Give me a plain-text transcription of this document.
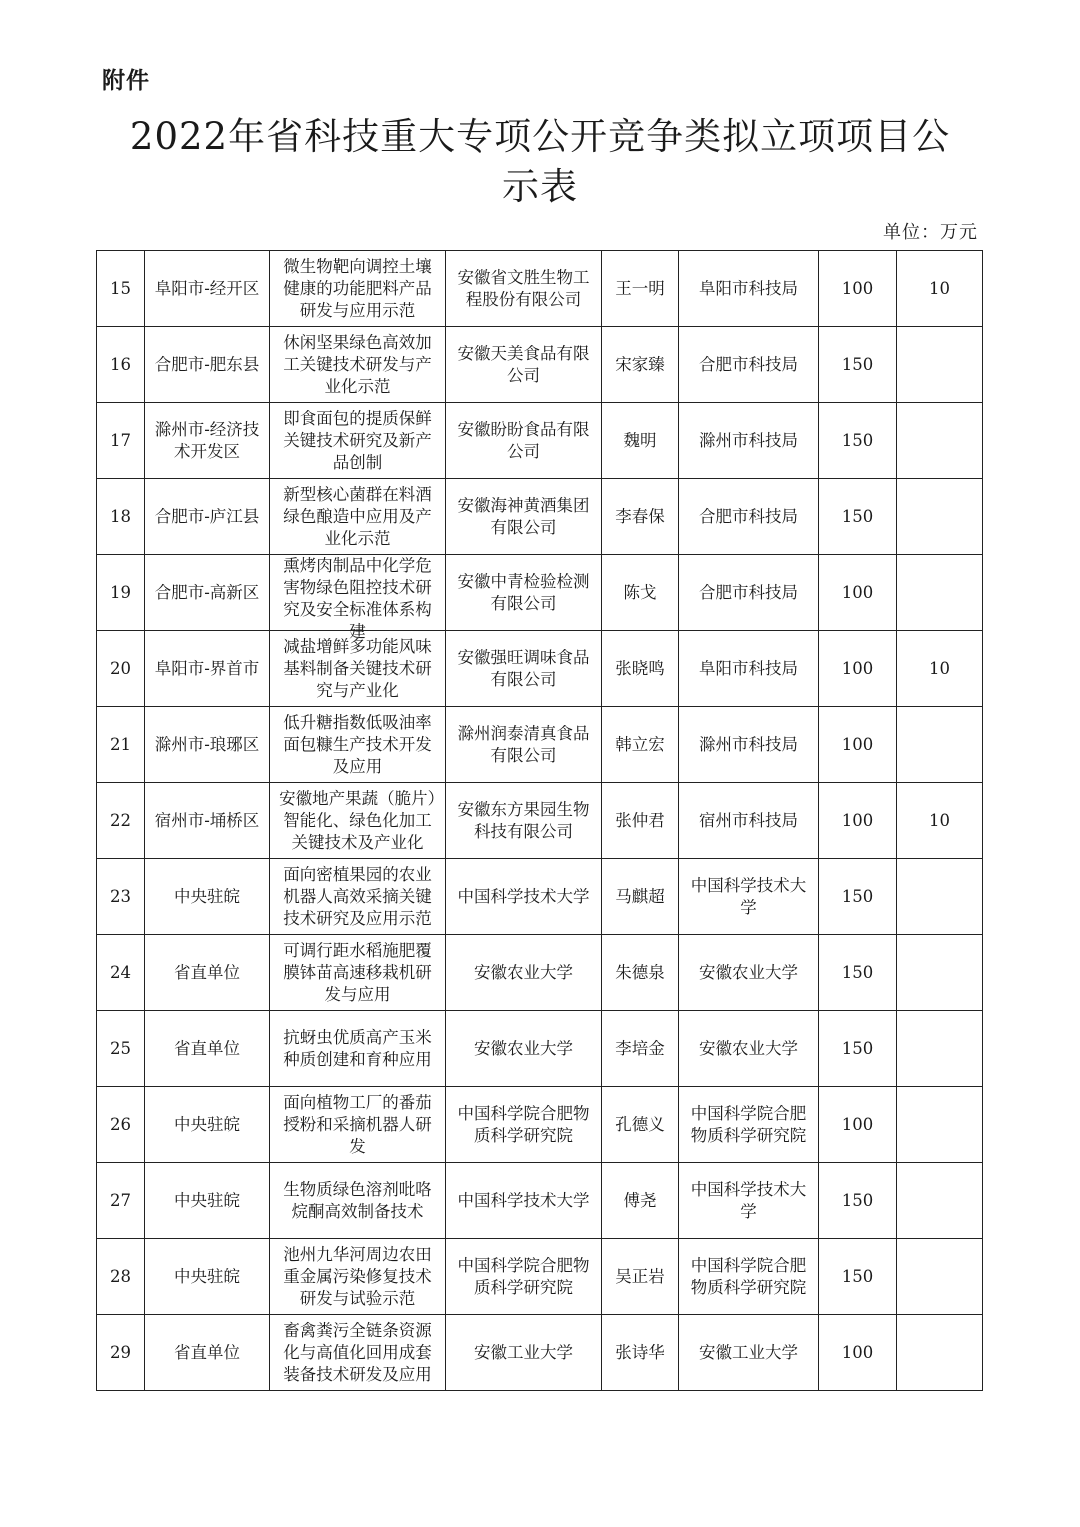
附件
2022年省科技重大专项公开竞争类拟立项项目公
示表
单位：万元
15	阜阳市-经开区	微生物靶向调控土壤健康的功能肥料产品研发与应用示范	安徽省文胜生物工程股份有限公司	王一明	阜阳市科技局	100	10

16	合肥市-肥东县	休闲坚果绿色高效加工关键技术研发与产业化示范	安徽天美食品有限公司	宋家臻	合肥市科技局	150	

17	滁州市-经济技术开发区	即食面包的提质保鲜关键技术研究及新产品创制	安徽盼盼食品有限公司	魏明	滁州市科技局	150	

18	合肥市-庐江县	新型核心菌群在料酒绿色酿造中应用及产业化示范	安徽海神黄酒集团有限公司	李春保	合肥市科技局	150	

19	合肥市-高新区	熏烤肉制品中化学危害物绿色阻控技术研究及安全标准体系构建	安徽中青检验检测有限公司	陈戈	合肥市科技局	100	

20	阜阳市-界首市	减盐增鲜多功能风味基料制备关键技术研究与产业化	安徽强旺调味食品有限公司	张晓鸣	阜阳市科技局	100	10

21	滁州市-琅琊区	低升糖指数低吸油率面包糠生产技术开发及应用	滁州润泰清真食品有限公司	韩立宏	滁州市科技局	100	

22	宿州市-埇桥区	安徽地产果蔬（脆片）智能化、绿色化加工关键技术及产业化	安徽东方果园生物科技有限公司	张仲君	宿州市科技局	100	10

23	中央驻皖	面向密植果园的农业机器人高效采摘关键技术研究及应用示范	中国科学技术大学	马麒超	中国科学技术大学	150	

24	省直单位	可调行距水稻施肥覆膜钵苗高速移栽机研发与应用	安徽农业大学	朱德泉	安徽农业大学	150	

25	省直单位	抗蚜虫优质高产玉米种质创建和育种应用	安徽农业大学	李培金	安徽农业大学	150	

26	中央驻皖	面向植物工厂的番茄授粉和采摘机器人研发	中国科学院合肥物质科学研究院	孔德义	中国科学院合肥物质科学研究院	100	

27	中央驻皖	生物质绿色溶剂吡咯烷酮高效制备技术	中国科学技术大学	傅尧	中国科学技术大学	150	

28	中央驻皖	池州九华河周边农田重金属污染修复技术研发与试验示范	中国科学院合肥物质科学研究院	吴正岩	中国科学院合肥物质科学研究院	150	

29	省直单位	畜禽粪污全链条资源化与高值化回用成套装备技术研发及应用	安徽工业大学	张诗华	安徽工业大学	100	
